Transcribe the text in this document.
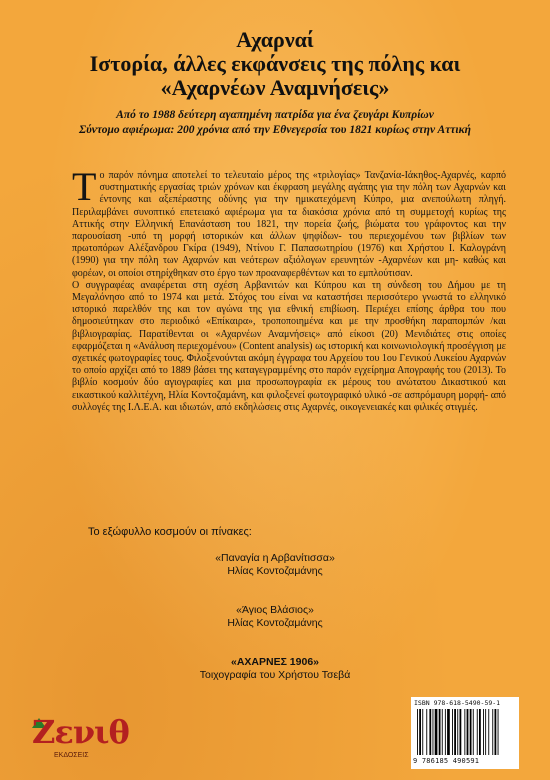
Αχαρναί

Ιστορία, άλλες εκφάνσεις της πόλης και

«Αχαρνέων Αναμνήσεις»

Από το 1988 δεύτερη αγαπημένη πατρίδα για ένα ζευγάρι Κυπρίων

Σύντομο αφιέρωμα: 200 χρόνια από την Εθνεγερσία του 1821 κυρίως στην Αττική

Το παρόν πόνημα αποτελεί το τελευταίο μέρος της «τριλογίας» Τανζανία-Ιάκηθος-Αχαρνές, καρπό συστηματικής εργασίας τριών χρόνων και έκφραση μεγάλης αγάπης για την πόλη των Αχαρνών και έντονης και αξεπέραστης οδύνης για την ημικατεχόμενη Κύπρο, μια ανεπούλωτη πληγή. Περιλαμβάνει συνοπτικό επετειακό αφιέρωμα για τα διακόσια χρόνια από τη συμμετοχή κυρίως της Αττικής στην Ελληνική Επανάσταση του 1821, την πορεία ζωής, βιώματα του γράφοντος και την παρουσίαση -υπό τη μορφή ιστορικών και άλλων ψηφίδων- του περιεχομένου των βιβλίων των πρωτοπόρων Αλέξανδρου Γκίρα (1949), Ντίνου Γ. Παπασωτηρίου (1976) και Χρήστου Ι. Καλογράνη (1990) για την πόλη των Αχαρνών και νεότερων αξιόλογων ερευνητών -Αχαρνέων και μη- καθώς και φορέων, οι οποίοι στηρίχθηκαν στο έργο των προαναφερθέντων και το εμπλούτισαν.

Ο συγγραφέας αναφέρεται στη σχέση Αρβανιτών και Κύπρου και τη σύνδεση του Δήμου με τη Μεγαλόνησο από το 1974 και μετά. Στόχος του είναι να καταστήσει περισσότερο γνωστά το ελληνικό ιστορικό παρελθόν της και τον αγώνα της για εθνική επιβίωση. Περιέχει επίσης άρθρα του που δημοσιεύτηκαν στο περιοδικό «Επίκαιρα», τροποποιημένα και με την προσθήκη παραπομπών /και βιβλιογραφίας. Παρατίθενται οι «Αχαρνέων Αναμνήσεις» από είκοσι (20) Μενιδιάτες στις οποίες εφαρμόζεται η «Ανάλυση περιεχομένου» (Content analysis) ως ιστορική και κοινωνιολογική προσέγγιση με σχετικές φωτογραφίες τους. Φιλοξενούνται ακόμη έγγραφα του Αρχείου του 1ου Γενικού Λυκείου Αχαρνών το οποίο αρχίζει από το 1889 βάσει της καταγεγραμμένης στο παρόν εγχείρημα Απογραφής του (2013). Το βιβλίο κοσμούν δύο αγιογραφίες και μια προσωπογραφία εκ μέρους του ανώτατου Δικαστικού και εικαστικού καλλιτέχνη, Ηλία Κοντοζαμάνη, και φιλοξενεί φωτογραφικό υλικό -σε ασπρόμαυρη μορφή- από συλλογές της Ι.Λ.Ε.Α. και ιδιωτών, από εκδηλώσεις στις Αχαρνές, οικογενειακές και φιλικές στιγμές.

Το εξώφυλλο κοσμούν οι πίνακες:
«Παναγία η Αρβανίτισσα»
Ηλίας Κοντοζαμάνης
«Άγιος Βλάσιος»
Ηλίας Κοντοζαμάνης
«ΑΧΑΡΝΕΣ 1906»
Τοιχογραφία του Χρήστου Τσεβά
Ζενιθ
ΕΚΔΟΣΕΙΣ
ISBN 978-618-5490-59-1
9 786185 490591
